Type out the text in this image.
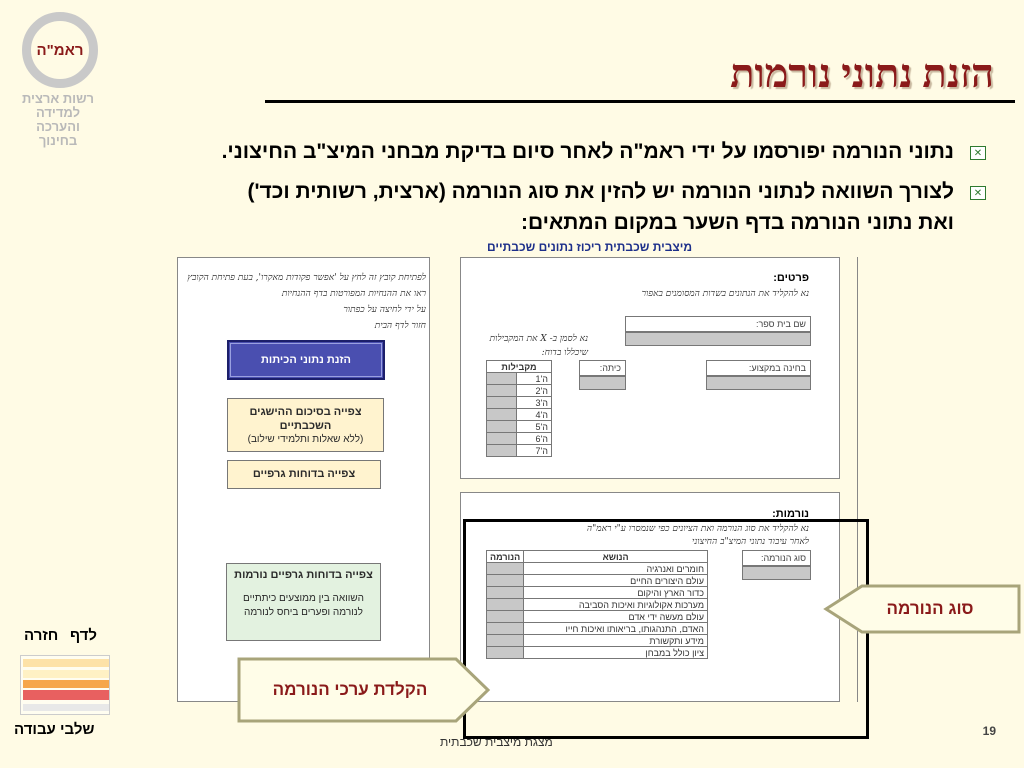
ראמ"ה
רשות ארצית
למדידה
והערכה
בחינוך
הזנת נתוני נורמות
✕
נתוני הנורמה יפורסמו על ידי ראמ"ה לאחר סיום בדיקת מבחני המיצ"ב החיצוני.
✕
לצורך השוואה לנתוני הנורמה יש להזין את סוג הנורמה (ארצית, רשותית וכד')
ואת נתוני הנורמה בדף השער במקום המתאים:
מיצבית שכבתית ריכוז נתונים שכבתיים
לפתיחת קובץ זה לחץ על 'אפשר פקודות מאקרו', בעת פתיחת הקובץ
ראו את ההנחיות המפורטות בדף ההנחיות
על ידי לחיצה על כפתור
חזור לדף הבית
הזנת נתוני הכיתות
צפייה בסיכום ההישגים השכבתיים
(ללא שאלות ותלמידי שילוב)
צפייה בדוחות גרפיים
צפייה בדוחות גרפיים נורמות
השוואה בין ממוצעים כיתתיים לנורמה ופערים ביחס לנורמה
פרטים:
נא להקליד את הנתונים בשדות המסומנים באפור
שם בית ספר:
נא לסמן ב- X את המקבילות שיכללו בדוח:
בחינה במקצוע:
כיתה:
מקבילות	
ה'1	
ה'2	
ה'3	
ה'4	
ה'5	
ה'6	
ה'7	
נורמות:
נא להקליד את סוג הנורמה ואת הציונים כפי שנמסרו ע"י ראמ"ה
לאחר עיבוד נתוני המיצ"ב החיצוני
סוג הנורמה:
הנושא	הנורמה
חומרים ואנרגיה	
עולם היצורים החיים	
כדור הארץ והיקום	
מערכות אקולוגיות ואיכות הסביבה	
עולם מעשה ידי אדם	
האדם, התנהגותו, בריאותו ואיכות חייו	
מידע ותקשורת	
ציון כולל במבחן	
סוג הנורמה
הקלדת ערכי הנורמה
לדף
חזרה
שלבי עבודה	19
מצגת מיצבית שכבתית
